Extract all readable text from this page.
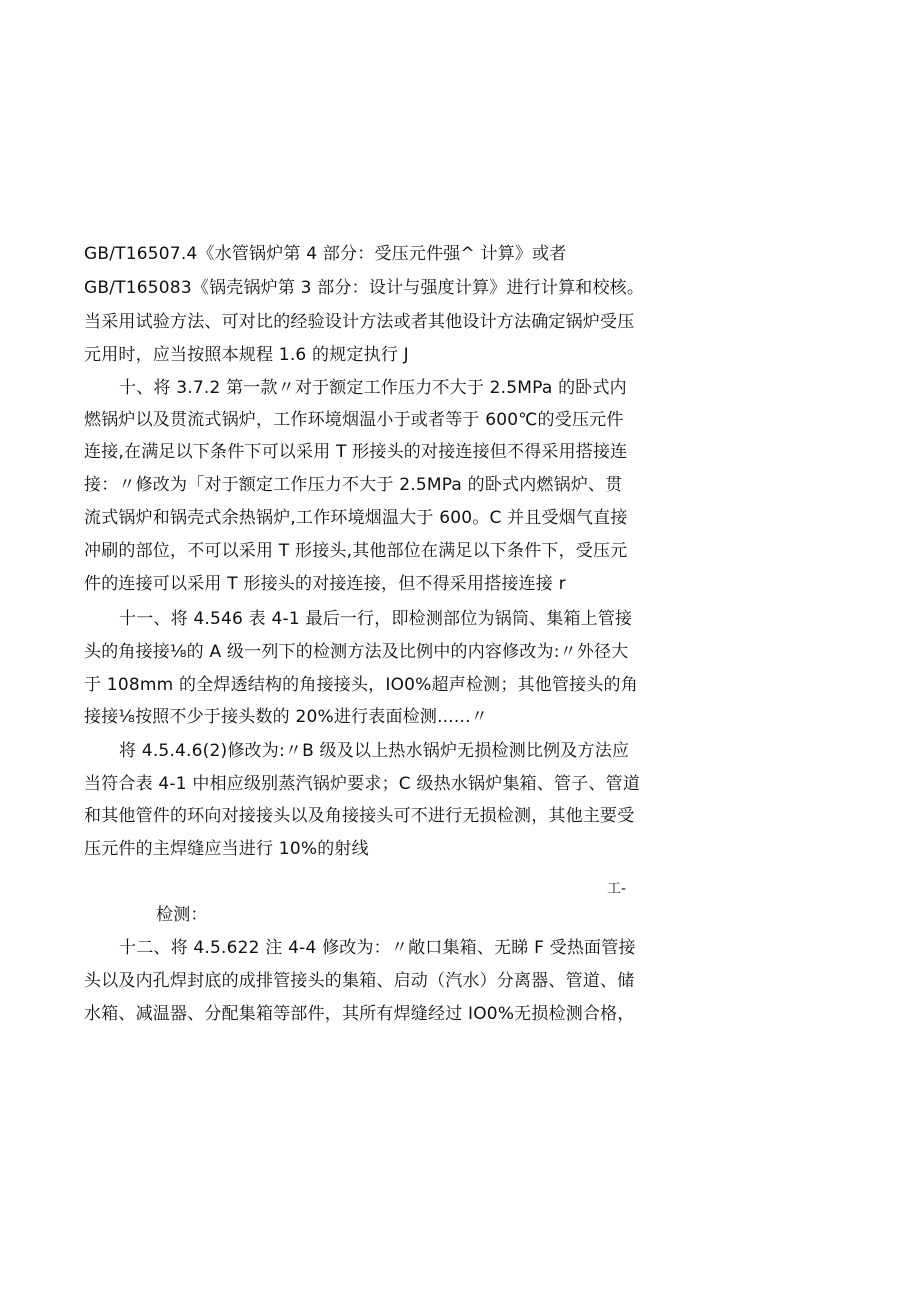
GB/T16507.4《水管锅炉第 4 部分：受压元件强^ 计算》或者
GB/T165083《锅壳锅炉第 3 部分：设计与强度计算》进行计算和校核。
当采用试验方法、可对比的经验设计方法或者其他设计方法确定锅炉受压
元用时，应当按照本规程 1.6 的规定执行 J
十、将 3.7.2 第一款〃对于额定工作压力不大于 2.5MPa 的卧式内
燃锅炉以及贯流式锅炉，工作环境烟温小于或者等于 600℃的受压元件
连接,在满足以下条件下可以采用 T 形接头的对接连接但不得采用搭接连
接：〃修改为「对于额定工作压力不大于 2.5MPa 的卧式内燃锅炉、贯
流式锅炉和锅壳式余热锅炉,工作环境烟温大于 600。C 并且受烟气直接
冲刷的部位，不可以采用 T 形接头,其他部位在满足以下条件下，受压元
件的连接可以采用 T 形接头的对接连接，但不得采用搭接连接 r
十一、将 4.546 表 4-1 最后一行，即检测部位为锅筒、集箱上管接
头的角接接⅛的 A 级一列下的检测方法及比例中的内容修改为:〃外径大
于 108mm 的全焊透结构的角接接头，IO0%超声检测；其他管接头的角
接接⅛按照不少于接头数的 20%进行表面检测......〃
将 4.5.4.6(2)修改为:〃B 级及以上热水锅炉无损检测比例及方法应
当符合表 4-1 中相应级别蒸汽锅炉要求；C 级热水锅炉集箱、管子、管道
和其他管件的环向对接接头以及角接接头可不进行无损检测，其他主要受
压元件的主焊缝应当进行 10%的射线
工-
检测：
十二、将 4.5.622 注 4-4 修改为：〃敞口集箱、无睇 F 受热面管接
头以及内孔焊封底的成排管接头的集箱、启动（汽水）分离器、管道、储
水箱、减温器、分配集箱等部件，其所有焊缝经过 IO0%无损检测合格，
